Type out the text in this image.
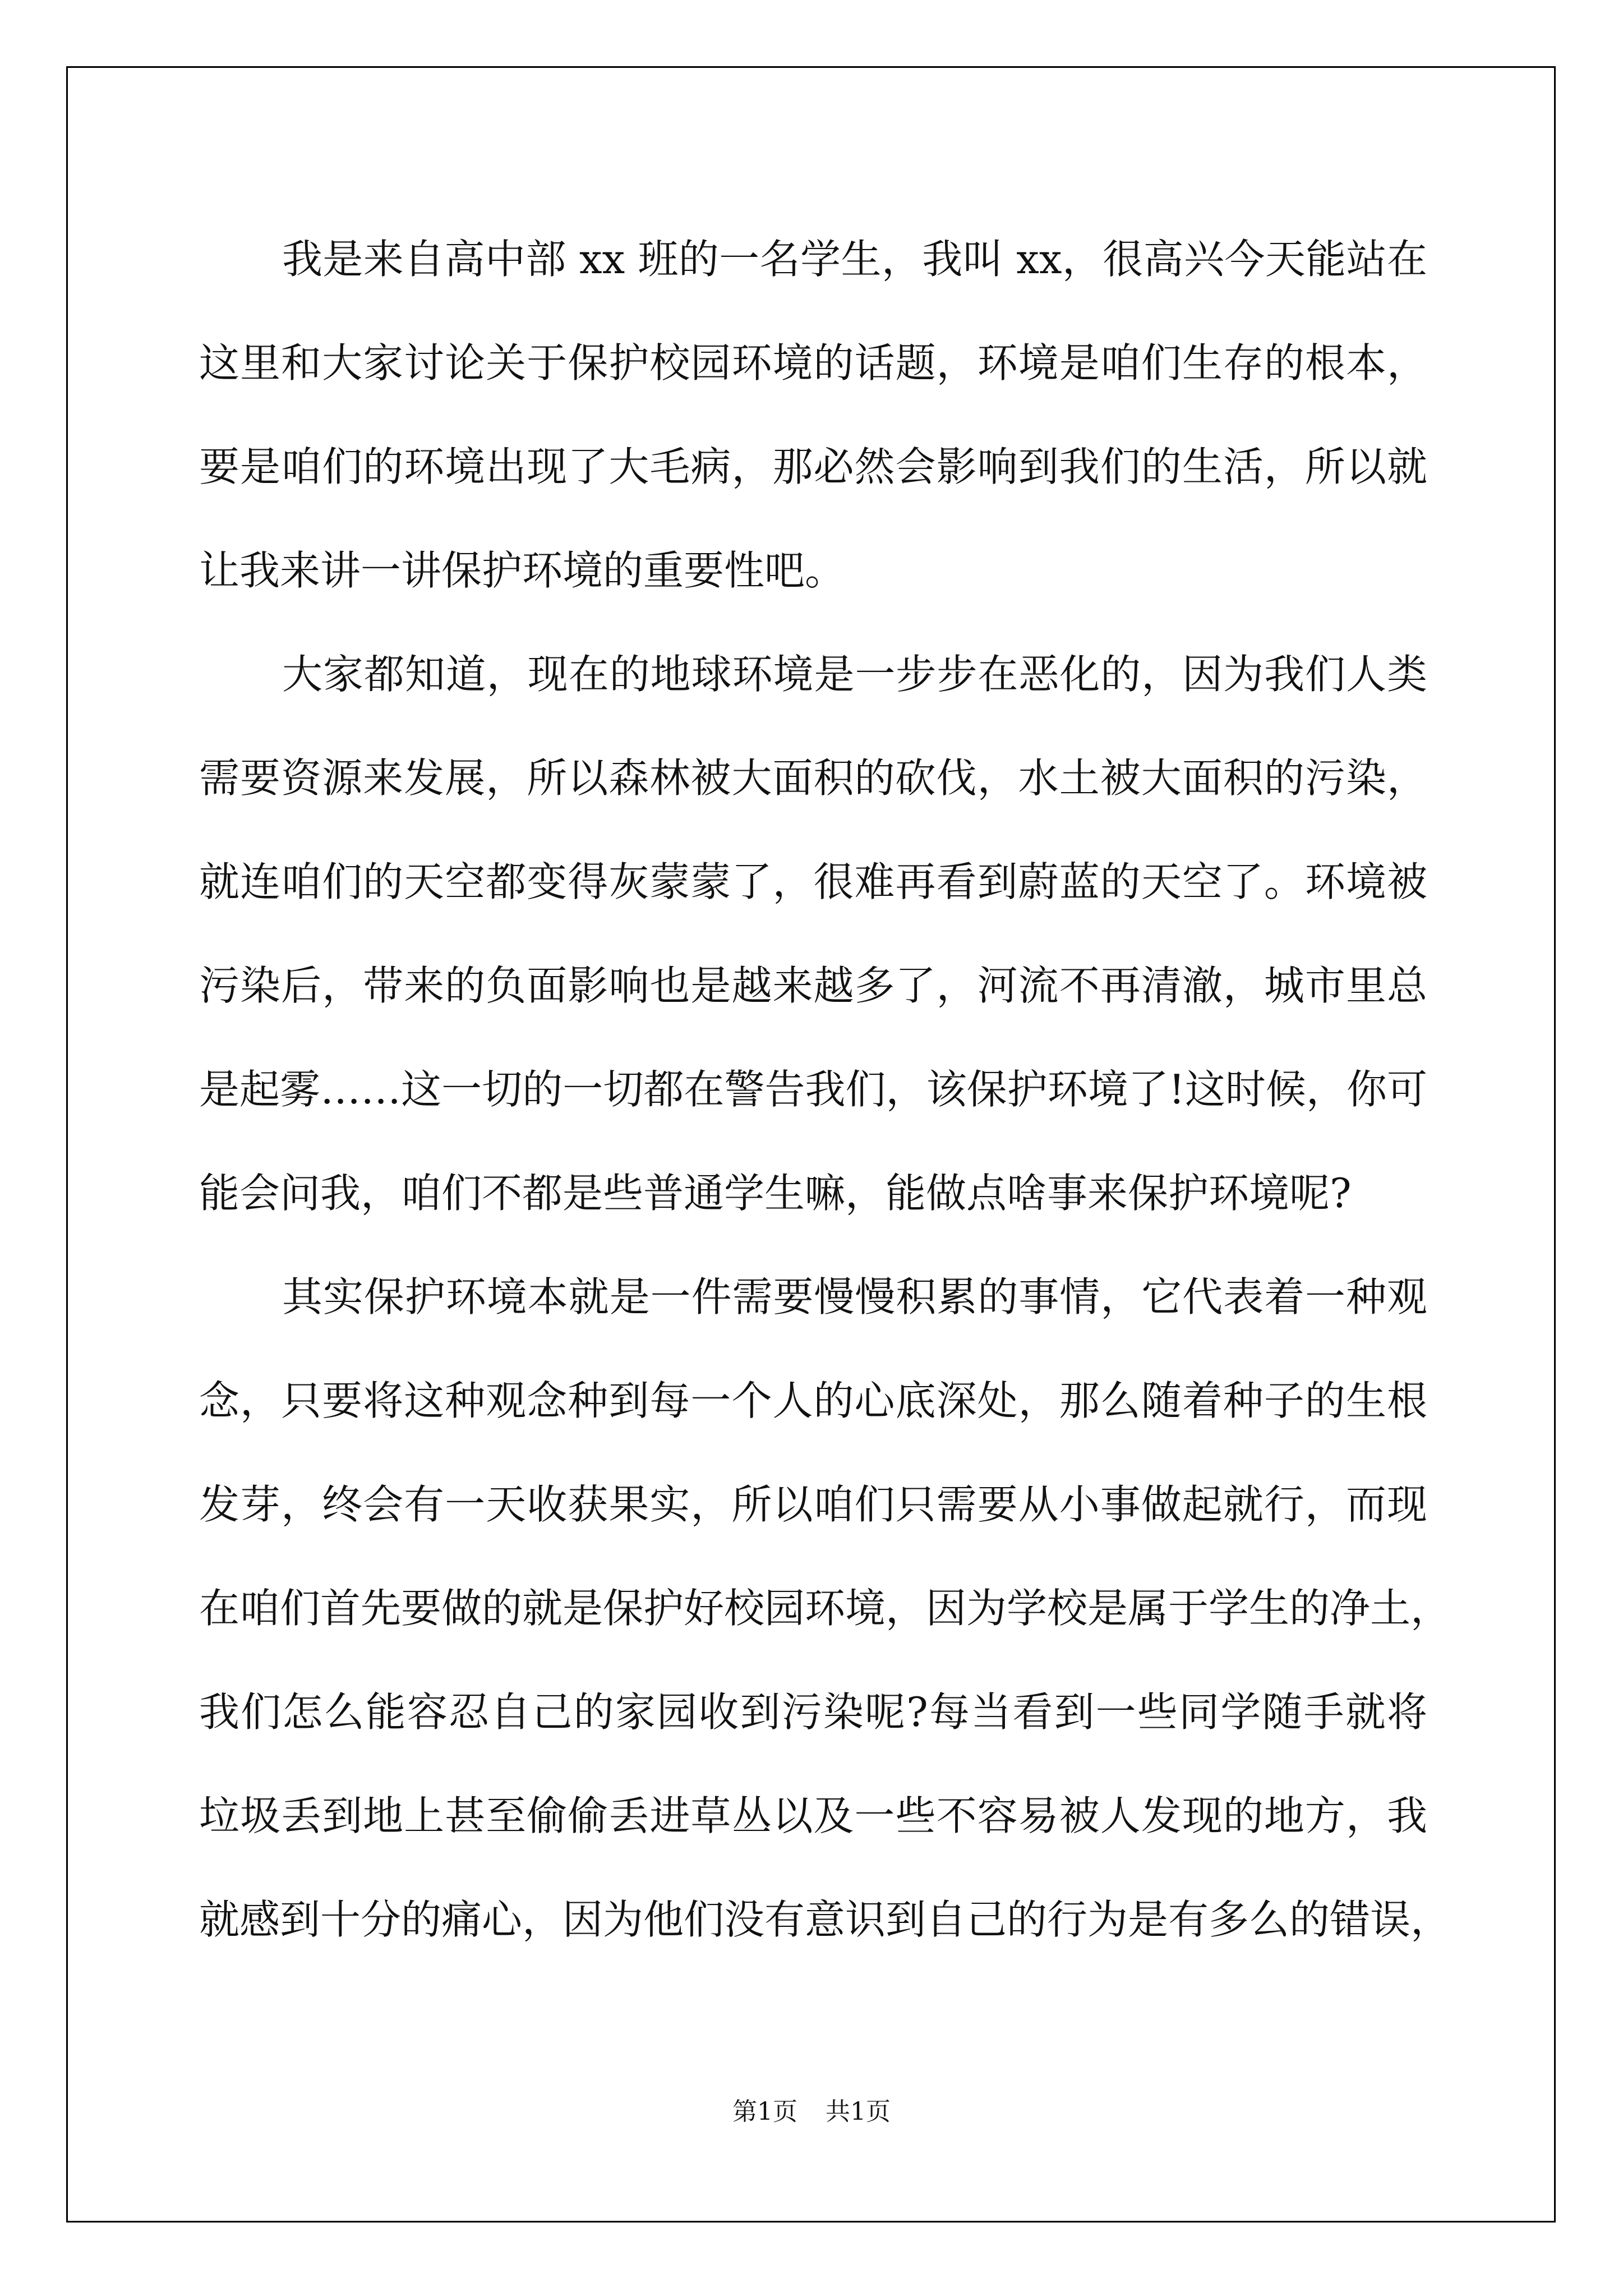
我是来自高中部 xx 班的一名学生，我叫 xx，很高兴今天能站在
这里和大家讨论关于保护校园环境的话题，环境是咱们生存的根本，
要是咱们的环境出现了大毛病，那必然会影响到我们的生活，所以就
让我来讲一讲保护环境的重要性吧。
大家都知道，现在的地球环境是一步步在恶化的，因为我们人类
需要资源来发展，所以森林被大面积的砍伐，水土被大面积的污染，
就连咱们的天空都变得灰蒙蒙了，很难再看到蔚蓝的天空了。环境被
污染后，带来的负面影响也是越来越多了，河流不再清澈，城市里总
是起雾……这一切的一切都在警告我们，该保护环境了!这时候，你可
能会问我，咱们不都是些普通学生嘛，能做点啥事来保护环境呢?
其实保护环境本就是一件需要慢慢积累的事情，它代表着一种观
念，只要将这种观念种到每一个人的心底深处，那么随着种子的生根
发芽，终会有一天收获果实，所以咱们只需要从小事做起就行，而现
在咱们首先要做的就是保护好校园环境，因为学校是属于学生的净土，
我们怎么能容忍自己的家园收到污染呢?每当看到一些同学随手就将
垃圾丢到地上甚至偷偷丢进草丛以及一些不容易被人发现的地方，我
就感到十分的痛心，因为他们没有意识到自己的行为是有多么的错误，
第1页 共1页
